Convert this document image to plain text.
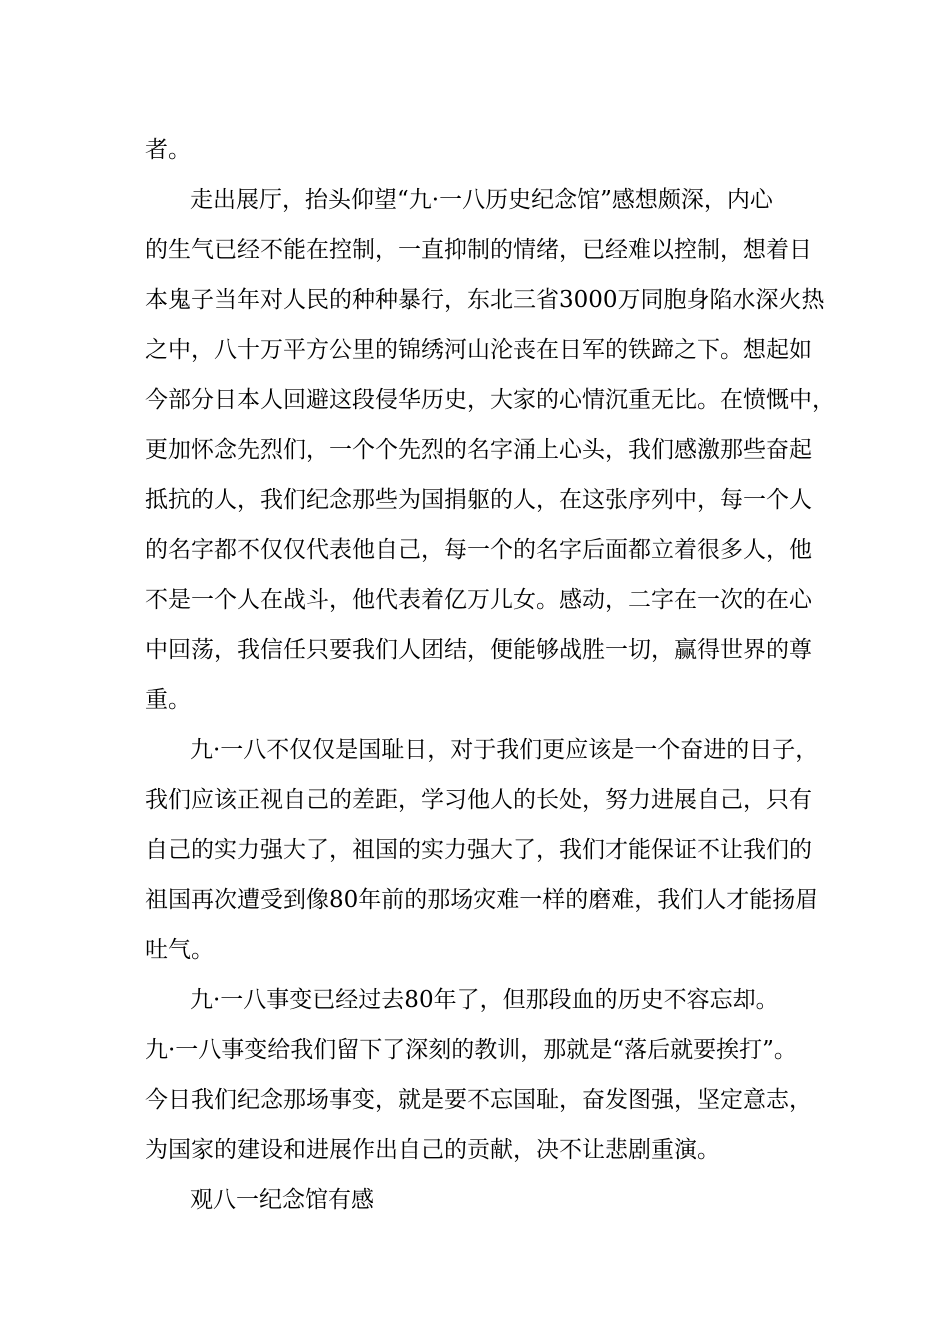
者。
走出展厅，抬头仰望“九·一八历史纪念馆”感想颇深，内心
的生气已经不能在控制，一直抑制的情绪，已经难以控制，想着日
本鬼子当年对人民的种种暴行，东北三省3000万同胞身陷水深火热
之中，八十万平方公里的锦绣河山沦丧在日军的铁蹄之下。想起如
今部分日本人回避这段侵华历史，大家的心情沉重无比。在愤慨中，
更加怀念先烈们，一个个先烈的名字涌上心头，我们感激那些奋起
抵抗的人，我们纪念那些为国捐躯的人，在这张序列中，每一个人
的名字都不仅仅代表他自己，每一个的名字后面都立着很多人，他
不是一个人在战斗，他代表着亿万儿女。感动，二字在一次的在心
中回荡，我信任只要我们人团结，便能够战胜一切，赢得世界的尊
重。
九·一八不仅仅是国耻日，对于我们更应该是一个奋进的日子，
我们应该正视自己的差距，学习他人的长处，努力进展自己，只有
自己的实力强大了，祖国的实力强大了，我们才能保证不让我们的
祖国再次遭受到像80年前的那场灾难一样的磨难，我们人才能扬眉
吐气。
九·一八事变已经过去80年了，但那段血的历史不容忘却。
九·一八事变给我们留下了深刻的教训，那就是“落后就要挨打”。
今日我们纪念那场事变，就是要不忘国耻，奋发图强，坚定意志，
为国家的建设和进展作出自己的贡献，决不让悲剧重演。
观八一纪念馆有感
